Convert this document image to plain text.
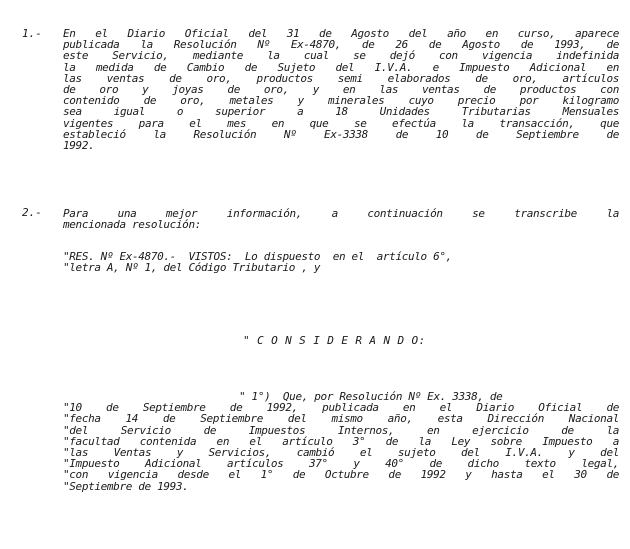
1.- En el Diario Oficial del 31 de Agosto del año en curso, aparece
publicada la Resolución Nº Ex-4870, de 26 de Agosto de 1993, de
este Servicio, mediante la cual se dejó con vigencia indefinida
la medida de Cambio de Sujeto del I.V.A. e Impuesto Adicional en
las ventas de oro, productos semi elaborados de oro, artículos
de oro y joyas de oro, y en las ventas de productos con
contenido de oro, metales y minerales cuyo precio por kilogramo
sea igual o superior a 18 Unidades Tributarias Mensuales
vigentes para el mes en que se efectúa la transacción, que
estableció la Resolución Nº Ex-3338 de 10 de Septiembre de
1992.
2.- Para una mejor información, a continuación se transcribe la
mencionada resolución:
"RES. Nº Ex-4870.-  VISTOS:  Lo dispuesto  en el  artículo 6°,
"letra A, Nº 1, del Código Tributario , y
" C O N S I D E R A N D O:
" 1°)  Que, por Resolución Nº Ex. 3338, de
"10 de Septiembre de 1992, publicada en el Diario Oficial de
"fecha 14 de Septiembre del mismo año, esta Dirección Nacional
"del Servicio de Impuestos Internos, en ejercicio de la
"facultad contenida en el artículo 3° de la Ley sobre Impuesto a
"las Ventas y Servicios, cambió el sujeto del I.V.A. y del
"Impuesto Adicional artículos 37° y 40° de dicho texto legal,
"con vigencia desde el 1° de Octubre de 1992 y hasta el 30 de
"Septiembre de 1993.
